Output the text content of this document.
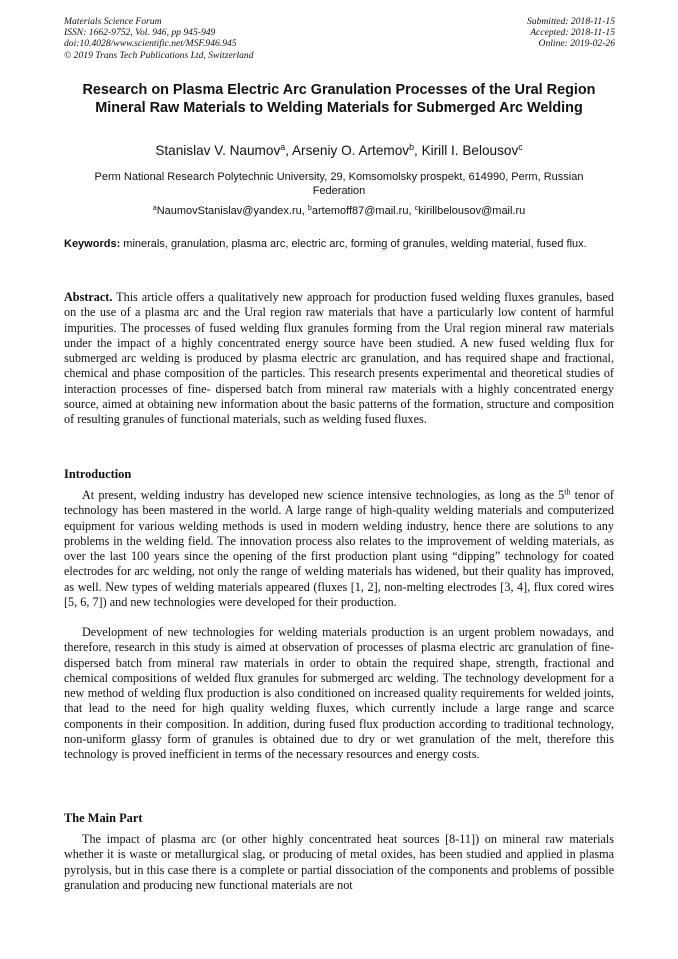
Materials Science Forum
ISSN: 1662-9752, Vol. 946, pp 945-949
doi:10.4028/www.scientific.net/MSF.946.945
© 2019 Trans Tech Publications Ltd, Switzerland
Submitted: 2018-11-15
Accepted: 2018-11-15
Online: 2019-02-26
Research on Plasma Electric Arc Granulation Processes of the Ural Region Mineral Raw Materials to Welding Materials for Submerged Arc Welding
Stanislav V. Naumov$^a$, Arseniy O. Artemov$^b$, Kirill I. Belousov$^c$
Perm National Research Polytechnic University, 29, Komsomolsky prospekt, 614990, Perm, Russian Federation
$^a$NaumovStanislav@yandex.ru, $^b$artemoff87@mail.ru, $^c$kirillbelousov@mail.ru
Keywords: minerals, granulation, plasma arc, electric arc, forming of granules, welding material, fused flux.
Abstract. This article offers a qualitatively new approach for production fused welding fluxes granules, based on the use of a plasma arc and the Ural region raw materials that have a particularly low content of harmful impurities. The processes of fused welding flux granules forming from the Ural region mineral raw materials under the impact of a highly concentrated energy source have been studied. A new fused welding flux for submerged arc welding is produced by plasma electric arc granulation, and has required shape and fractional, chemical and phase composition of the particles. This research presents experimental and theoretical studies of interaction processes of fine- dispersed batch from mineral raw materials with a highly concentrated energy source, aimed at obtaining new information about the basic patterns of the formation, structure and composition of resulting granules of functional materials, such as welding fused fluxes.
Introduction
At present, welding industry has developed new science intensive technologies, as long as the 5th tenor of technology has been mastered in the world. A large range of high-quality welding materials and computerized equipment for various welding methods is used in modern welding industry, hence there are solutions to any problems in the welding field. The innovation process also relates to the improvement of welding materials, as over the last 100 years since the opening of the first production plant using “dipping” technology for coated electrodes for arc welding, not only the range of welding materials has widened, but their quality has improved, as well. New types of welding materials appeared (fluxes [1, 2], non-melting electrodes [3, 4], flux cored wires [5, 6, 7]) and new technologies were developed for their production.
Development of new technologies for welding materials production is an urgent problem nowadays, and therefore, research in this study is aimed at observation of processes of plasma electric arc granulation of fine-dispersed batch from mineral raw materials in order to obtain the required shape, strength, fractional and chemical compositions of welded flux granules for submerged arc welding. The technology development for a new method of welding flux production is also conditioned on increased quality requirements for welded joints, that lead to the need for high quality welding fluxes, which currently include a large range and scarce components in their composition. In addition, during fused flux production according to traditional technology, non-uniform glassy form of granules is obtained due to dry or wet granulation of the melt, therefore this technology is proved inefficient in terms of the necessary resources and energy costs.
The Main Part
The impact of plasma arc (or other highly concentrated heat sources [8-11]) on mineral raw materials whether it is waste or metallurgical slag, or producing of metal oxides, has been studied and applied in plasma pyrolysis, but in this case there is a complete or partial dissociation of the components and problems of possible granulation and producing new functional materials are not
